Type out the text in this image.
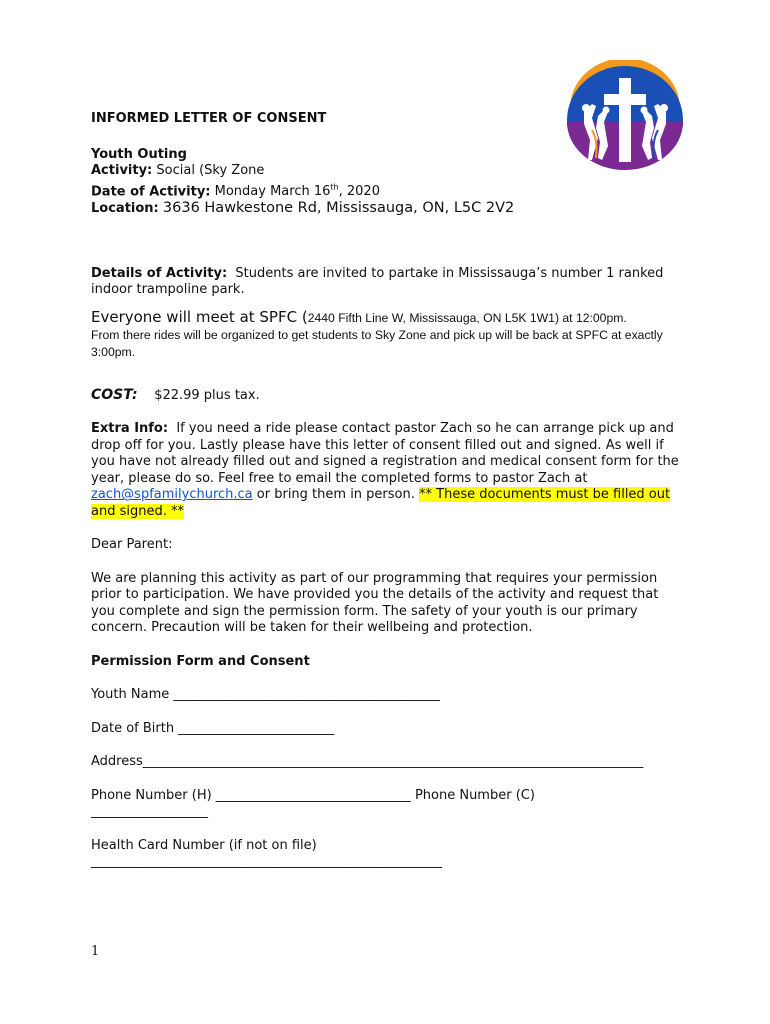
INFORMED LETTER OF CONSENT

Youth Outing

Activity: Social (Sky Zone

Date of Activity: Monday March 16th, 2020

Location: 3636 Hawkestone Rd, Mississauga, ON, L5C 2V2

Details of Activity: Students are invited to partake in Mississauga’s number 1 ranked indoor trampoline park.

Everyone will meet at SPFC (2440 Fifth Line W, Mississauga, ON L5K 1W1) at 12:00pm.
From there rides will be organized to get students to Sky Zone and pick up will be back at SPFC at exactly 3:00pm.

COST: $22.99 plus tax.

Extra Info: If you need a ride please contact pastor Zach so he can arrange pick up and drop off for you. Lastly please have this letter of consent filled out and signed. As well if you have not already filled out and signed a registration and medical consent form for the year, please do so. Feel free to email the completed forms to pastor Zach at zach@spfamilychurch.ca or bring them in person. ** These documents must be filled out and signed. **

Dear Parent:

We are planning this activity as part of our programming that requires your permission prior to participation. We have provided you the details of the activity and request that you complete and sign the permission form. The safety of your youth is our primary concern. Precaution will be taken for their wellbeing and protection.

Permission Form and Consent

Youth Name _________________________________________

Date of Birth ________________________

Address_____________________________________________________________________________

Phone Number (H) ______________________________ Phone Number (C)

__________________

Health Card Number (if not on file)

______________________________________________________

1
